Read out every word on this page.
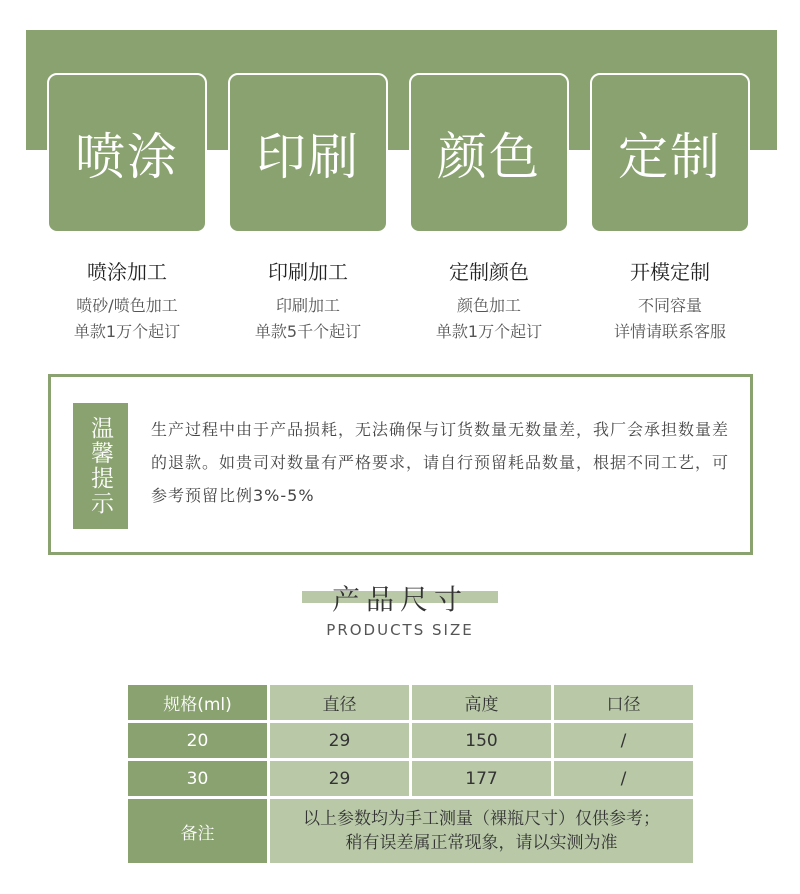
喷涂 印刷 颜色 定制
喷涂加工
喷砂/喷色加工
单款1万个起订
印刷加工
印刷加工
单款5千个起订
定制颜色
颜色加工
单款1万个起订
开模定制
不同容量
详情请联系客服
温馨提示	生产过程中由于产品损耗，无法确保与订货数量无数量差，我厂会承担数量差的退款。如贵司对数量有严格要求，请自行预留耗品数量，根据不同工艺，可参考预留比例3%-5%
产品尺寸
PRODUCTS SIZE
规格(ml)	直径	高度	口径
20	29	150	/
30	29	177	/
备注	以上参数均为手工测量（裸瓶尺寸）仅供参考；
稍有误差属正常现象，请以实测为准		
